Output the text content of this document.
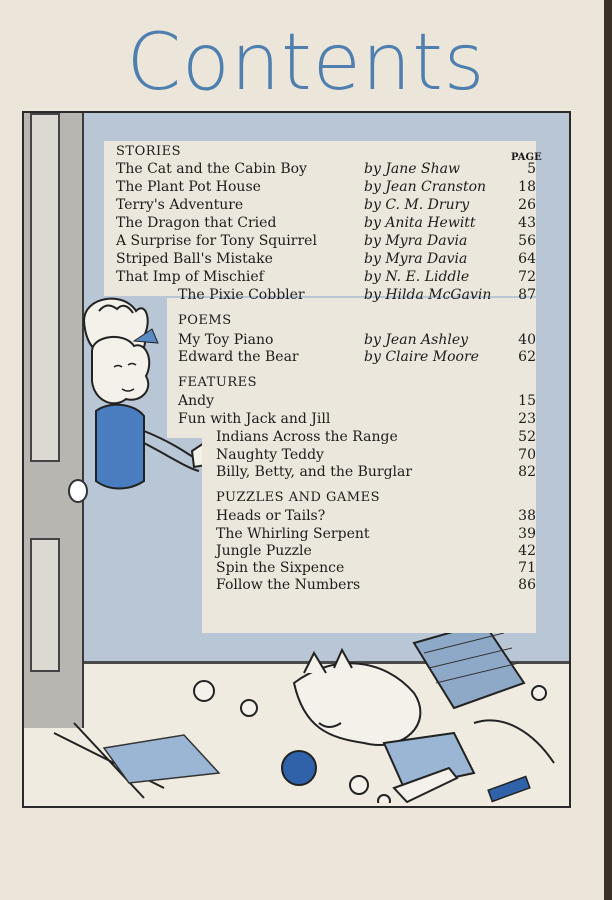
Contents
PAGE
STORIES
The Cat and the Cabin Boy	by Jane Shaw	5
The Plant Pot House	by Jean Cranston	18
Terry's Adventure	by C. M. Drury	26
The Dragon that Cried	by Anita Hewitt	43
A Surprise for Tony Squirrel	by Myra Davia	56
Striped Ball's Mistake	by Myra Davia	64
That Imp of Mischief	by N. E. Liddle	72
The Pixie Cobbler	by Hilda McGavin	87
POEMS
My Toy Piano	by Jean Ashley	40
Edward the Bear	by Claire Moore	62
FEATURES
Andy	15
Fun with Jack and Jill	23
Indians Across the Range	52
Naughty Teddy	70
Billy, Betty, and the Burglar	82
PUZZLES AND GAMES
Heads or Tails?	38
The Whirling Serpent	39
Jungle Puzzle	42
Spin the Sixpence	71
Follow the Numbers	86
